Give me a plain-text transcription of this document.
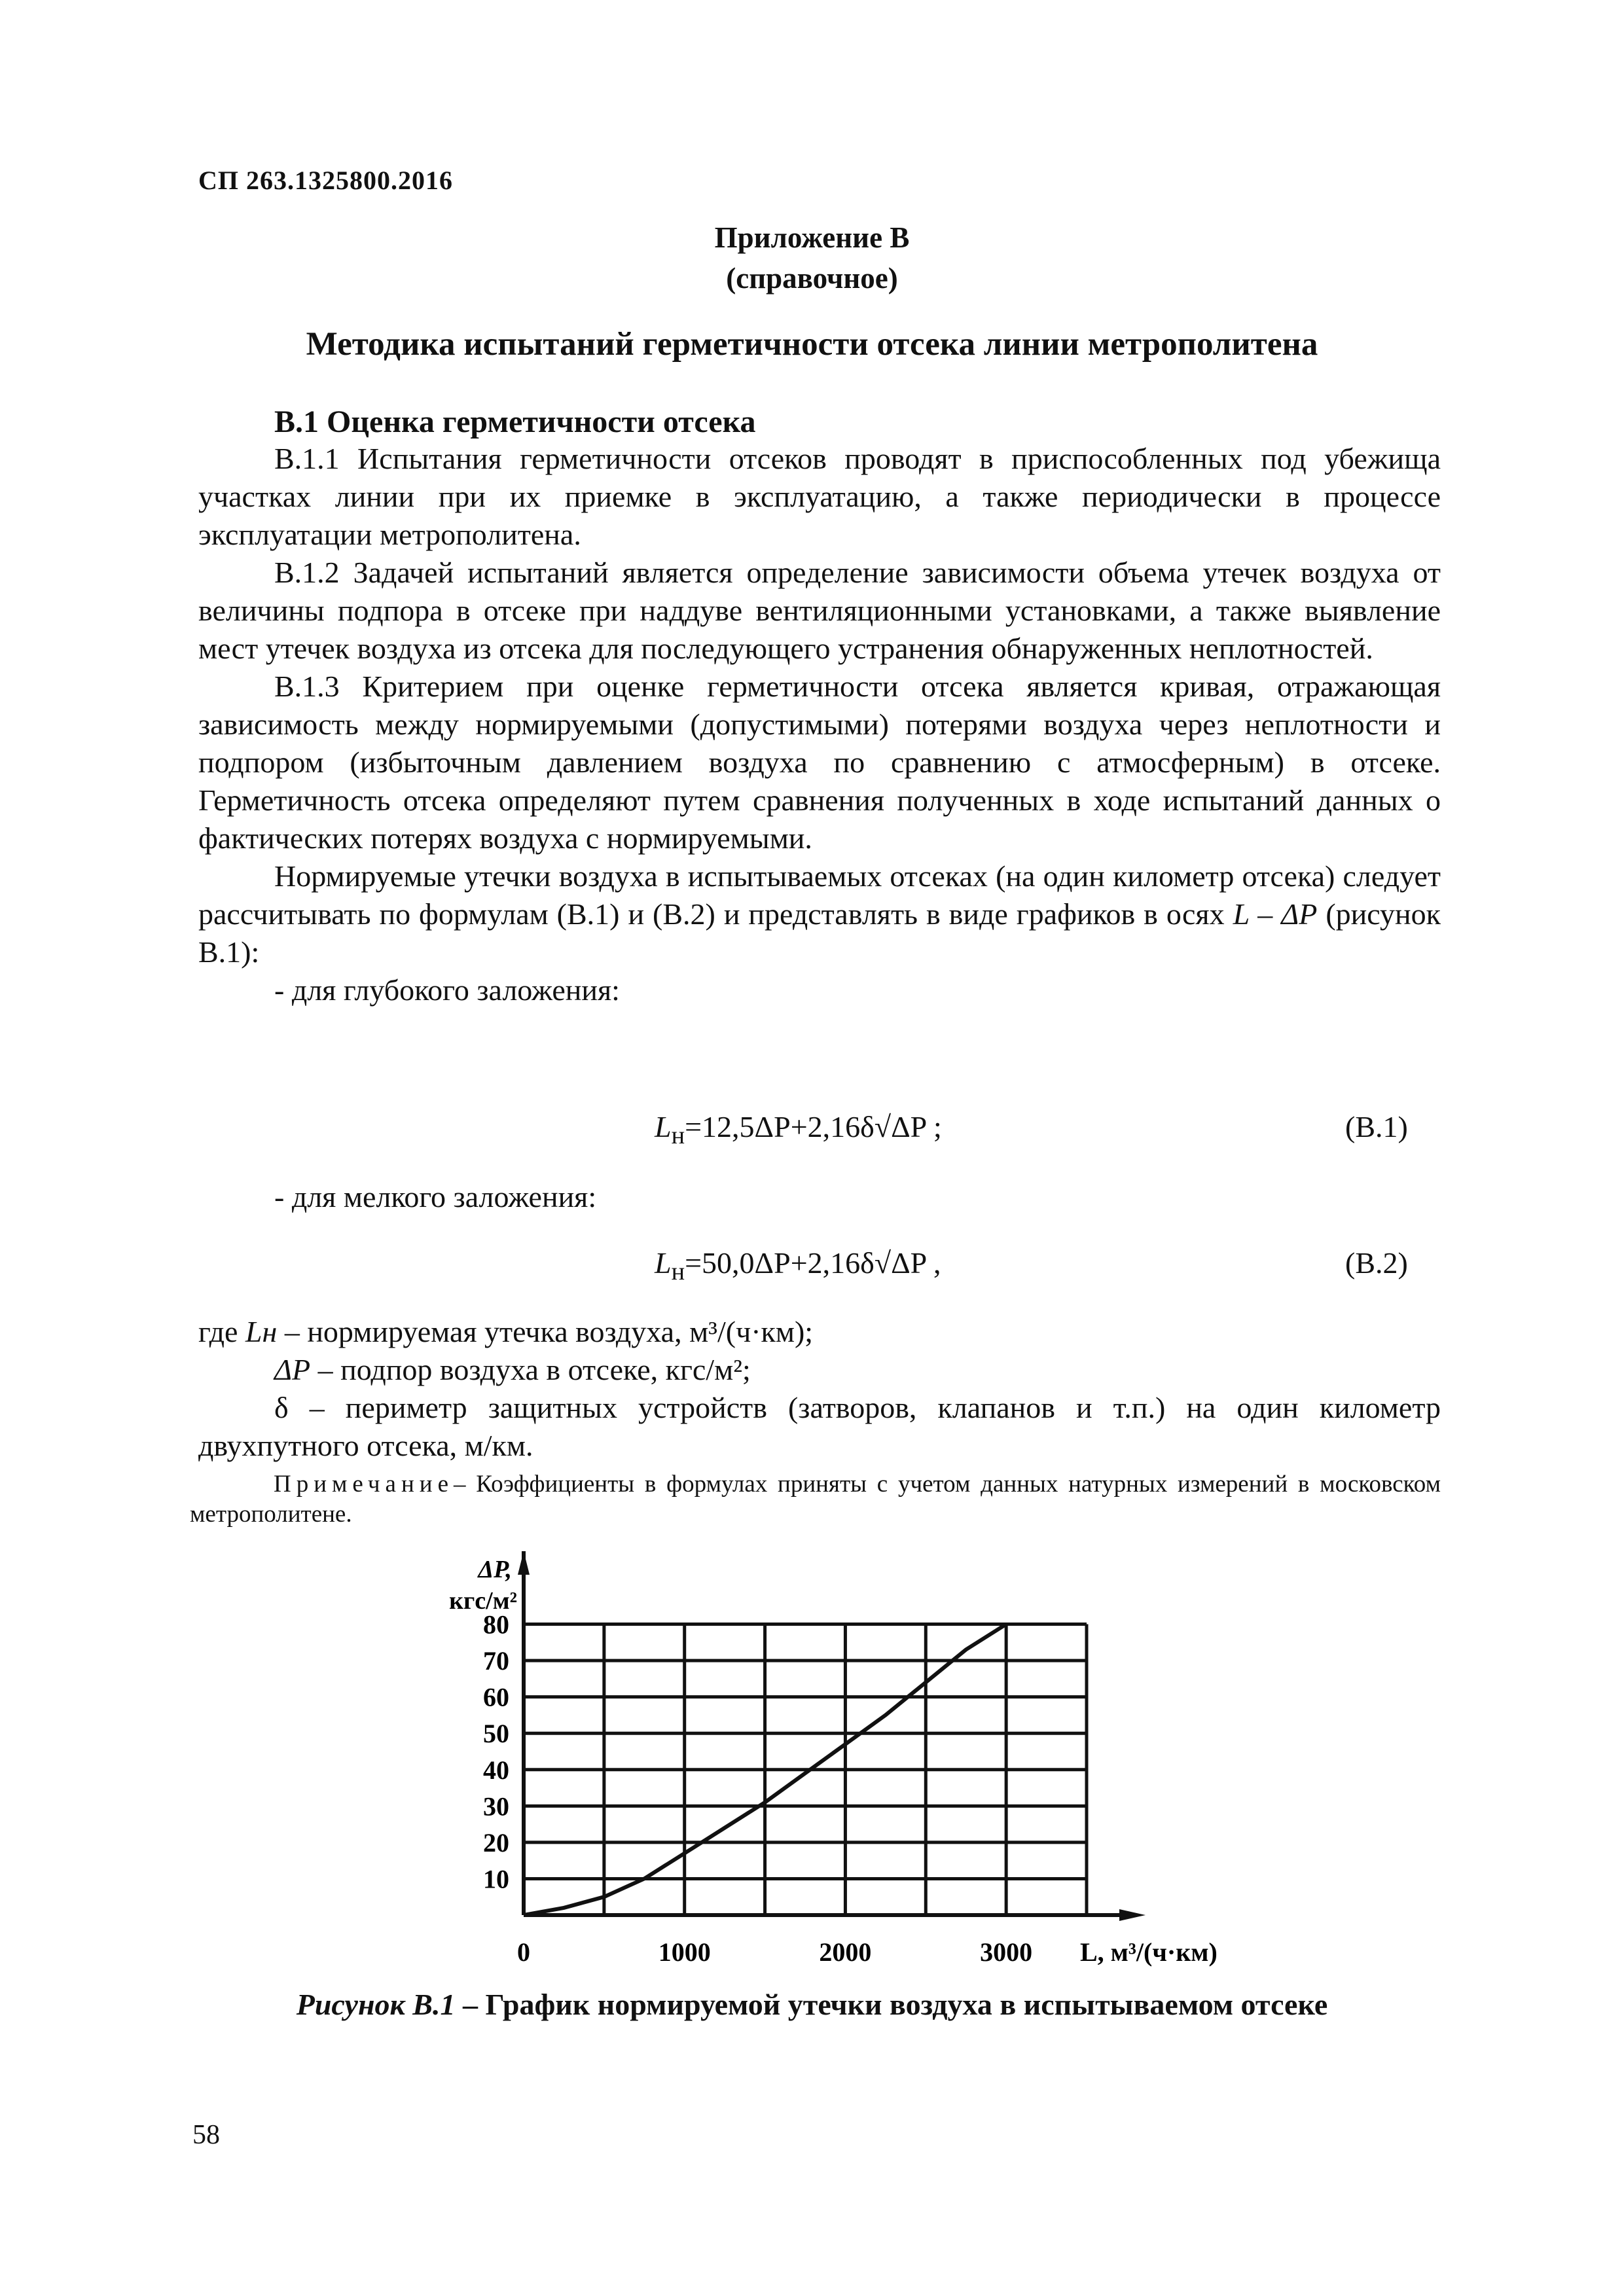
СП 263.1325800.2016
Приложение В
(справочное)
Методика испытаний герметичности отсека линии метрополитена
В.1 Оценка герметичности отсека

В.1.1 Испытания герметичности отсеков проводят в приспособленных под убежища участках линии при их приемке в эксплуатацию, а также периодически в процессе эксплуатации метрополитена.

В.1.2 Задачей испытаний является определение зависимости объема утечек воздуха от величины подпора в отсеке при наддуве вентиляционными установками, а также выявление мест утечек воздуха из отсека для последующего устранения обнаруженных неплотностей.

В.1.3 Критерием при оценке герметичности отсека является кривая, отражающая зависимость между нормируемыми (допустимыми) потерями воздуха через неплотности и подпором (избыточным давлением воздуха по сравнению с атмосферным) в отсеке. Герметичность отсека определяют путем сравнения полученных в ходе испытаний данных о фактических потерях воздуха с нормируемыми.

Нормируемые утечки воздуха в испытываемых отсеках (на один километр отсека) следует рассчитывать по формулам (В.1) и (В.2) и представлять в виде графиков в осях L – ΔP (рисунок В.1):

- для глубокого заложения:

$L_н=12,5\Delta P+2,16\delta√\Delta P$ ;	(В.1)

- для мелкого заложения:

$L_н=50,0\Delta P+2,16\delta√\Delta P$ ,	(В.2)

где Lн – нормируемая утечка воздуха, м³/(ч·км);

ΔP – подпор воздуха в отсеке, кгс/м²;

δ – периметр защитных устройств (затворов, клапанов и т.п.) на один километр двухпутного отсека, м/км.

Примечание– Коэффициенты в формулах приняты с учетом данных натурных измерений в московском метрополитене.
10
20
30
40
50
60
70
80
0	1000	2000	3000
ΔP,
кгс/м²
L, м³/(ч·км)
Рисунок В.1 – График нормируемой утечки воздуха в испытываемом отсеке
58
